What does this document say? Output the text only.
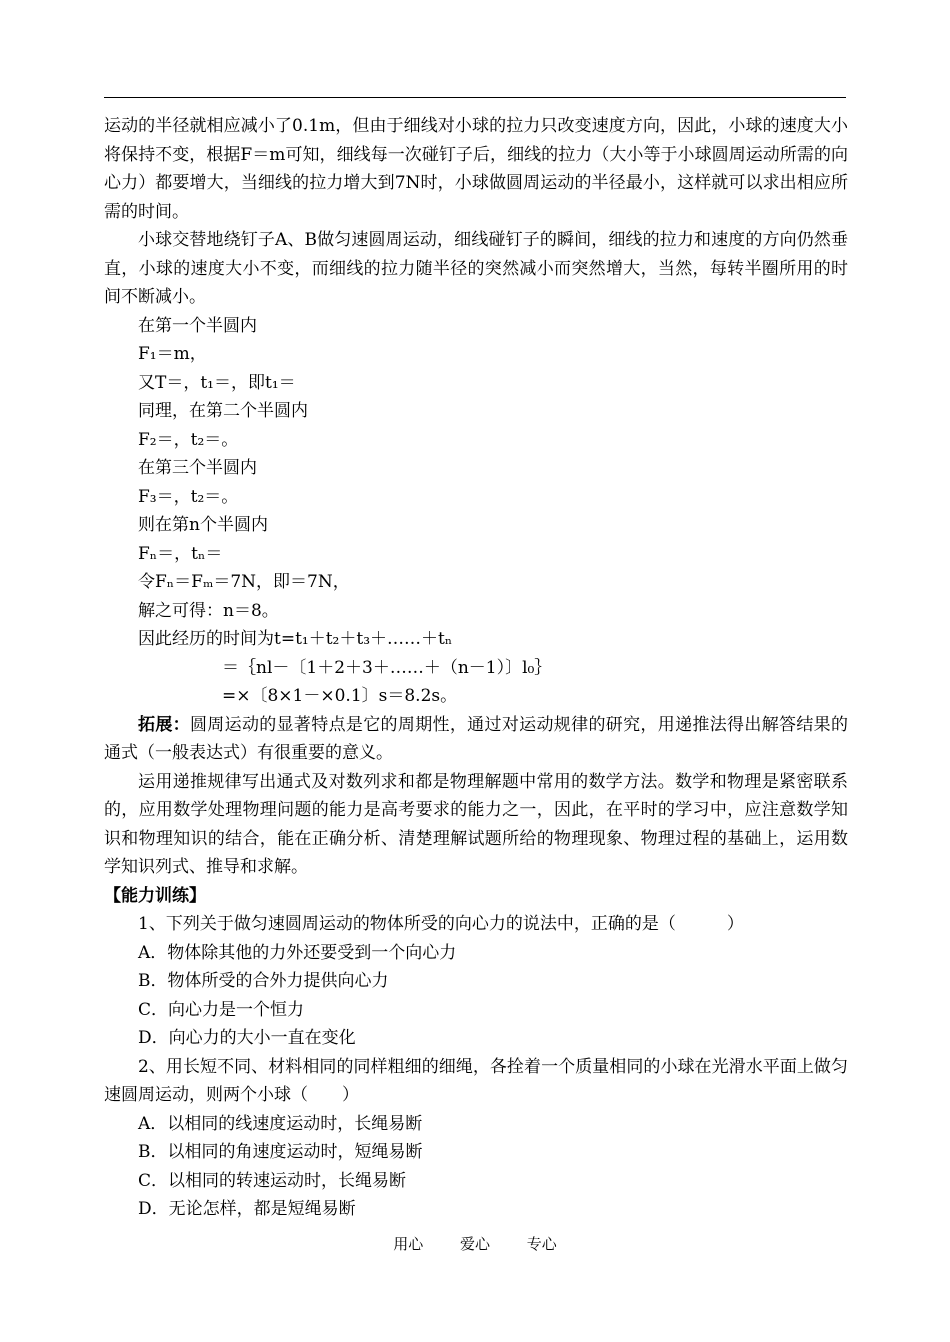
运动的半径就相应减小了0.1m，但由于细线对小球的拉力只改变速度方向，因此，小球的速度大小将保持不变，根据F＝m可知，细线每一次碰钉子后，细线的拉力（大小等于小球圆周运动所需的向心力）都要增大，当细线的拉力增大到7N时，小球做圆周运动的半径最小，这样就可以求出相应所需的时间。

小球交替地绕钉子A、B做匀速圆周运动，细线碰钉子的瞬间，细线的拉力和速度的方向仍然垂直，小球的速度大小不变，而细线的拉力随半径的突然减小而突然增大，当然，每转半圈所用的时间不断减小。

在第一个半圆内

F₁＝m，

又T＝，t₁＝，即t₁＝

同理，在第二个半圆内

F₂＝，t₂＝。

在第三个半圆内

F₃＝，t₂＝。

则在第n个半圆内

Fₙ＝，tₙ＝

令Fₙ＝Fₘ＝7N，即＝7N，

解之可得：n＝8。

因此经历的时间为t=t₁＋t₂＋t₃＋……＋tₙ

＝｛nl－〔1＋2＋3＋……＋（n－1）〕l₀｝

=×〔8×1－×0.1〕s＝8.2s。

拓展：圆周运动的显著特点是它的周期性，通过对运动规律的研究，用递推法得出解答结果的通式（一般表达式）有很重要的意义。

运用递推规律写出通式及对数列求和都是物理解题中常用的数学方法。数学和物理是紧密联系的，应用数学处理物理问题的能力是高考要求的能力之一，因此，在平时的学习中，应注意数学知识和物理知识的结合，能在正确分析、清楚理解试题所给的物理现象、物理过程的基础上，运用数学知识列式、推导和求解。

【能力训练】

1、下列关于做匀速圆周运动的物体所受的向心力的说法中，正确的是（　　　）

A．物体除其他的力外还要受到一个向心力

B．物体所受的合外力提供向心力

C．向心力是一个恒力

D．向心力的大小一直在变化

2、用长短不同、材料相同的同样粗细的细绳，各拴着一个质量相同的小球在光滑水平面上做匀速圆周运动，则两个小球（　　）

A．以相同的线速度运动时，长绳易断

B．以相同的角速度运动时，短绳易断

C．以相同的转速运动时，长绳易断

D．无论怎样，都是短绳易断

用心 爱心 专心
